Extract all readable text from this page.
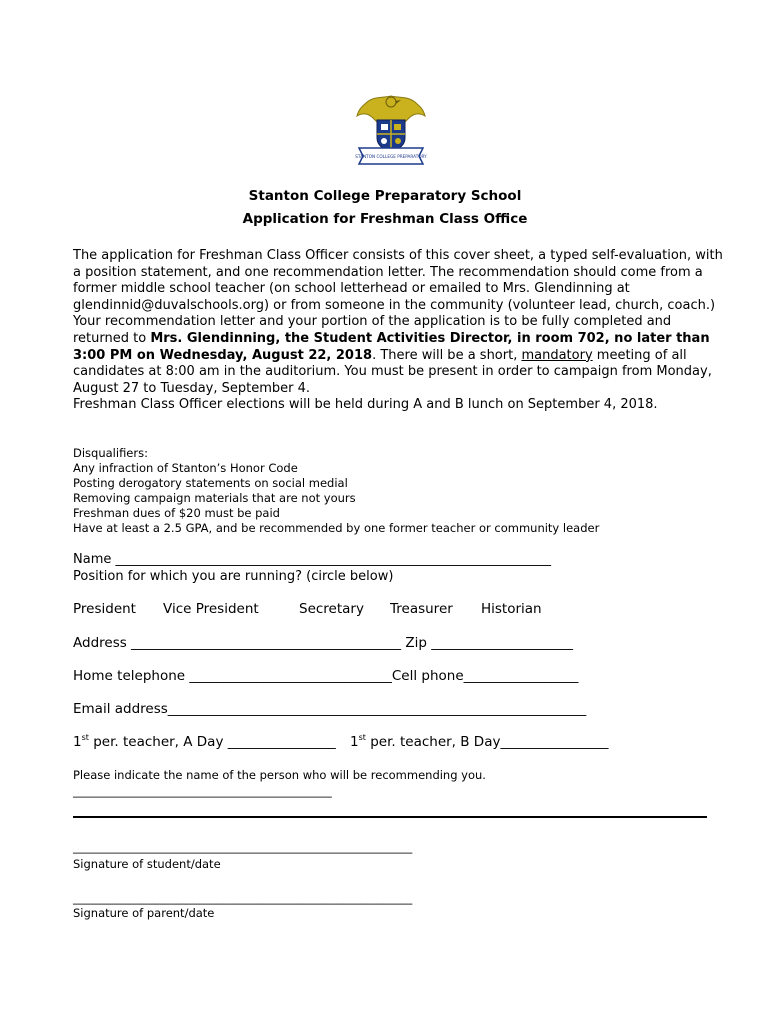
STANTON COLLEGE PREPARATORY
Stanton College Preparatory School
Application for Freshman Class Office
The application for Freshman Class Officer consists of this cover sheet, a typed self-evaluation, with a position statement, and one recommendation letter. The recommendation should come from a former middle school teacher (on school letterhead or emailed to Mrs. Glendinning at glendinnid@duvalschools.org) or from someone in the community (volunteer lead, church, coach.)
Your recommendation letter and your portion of the application is to be fully completed and returned to Mrs. Glendinning, the Student Activities Director, in room 702, no later than 3:00 PM on Wednesday, August 22, 2018. There will be a short, mandatory meeting of all candidates at 8:00 am in the auditorium. You must be present in order to campaign from Monday, August 27 to Tuesday, September 4.
Freshman Class Officer elections will be held during A and B lunch on September 4, 2018.
Disqualifiers:
Any infraction of Stanton’s Honor Code
Posting derogatory statements on social medial
Removing campaign materials that are not yours
Freshman dues of $20 must be paid
Have at least a 2.5 GPA, and be recommended by one former teacher or community leader
Name ___________________________________________________________________
Position for which you are running? (circle below)
President Vice President	Secretary Treasurer Historian
Address ________________________________________ Zip _____________________
Home telephone ______________________________Cell phone_________________
Email address______________________________________________________________
1st per. teacher, A Day ________________ 1st per. teacher, B Day________________
Please indicate the name of the person who will be recommending you.
_____________________________________________
___________________________________________________________
Signature of student/date
___________________________________________________________
Signature of parent/date
